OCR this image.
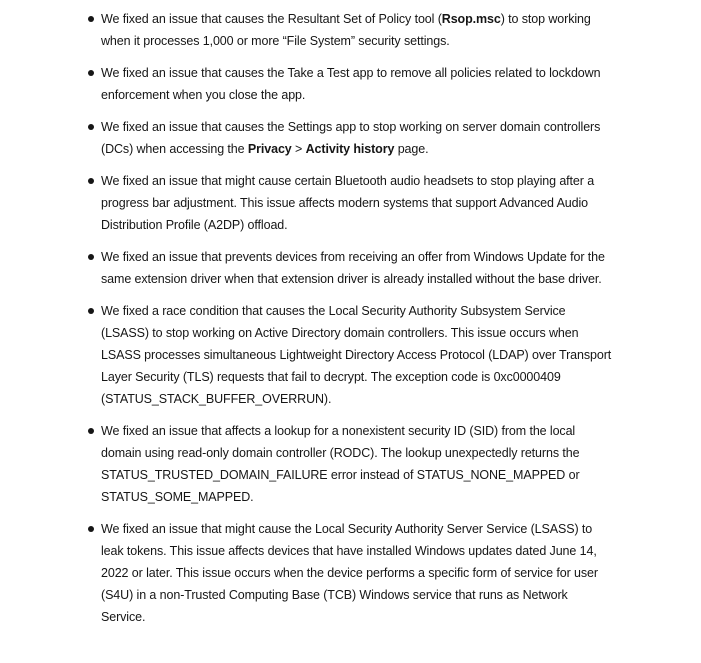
We fixed an issue that causes the Resultant Set of Policy tool (Rsop.msc) to stop working when it processes 1,000 or more “File System” security settings.
We fixed an issue that causes the Take a Test app to remove all policies related to lockdown enforcement when you close the app.
We fixed an issue that causes the Settings app to stop working on server domain controllers (DCs) when accessing the Privacy > Activity history page.
We fixed an issue that might cause certain Bluetooth audio headsets to stop playing after a progress bar adjustment. This issue affects modern systems that support Advanced Audio Distribution Profile (A2DP) offload.
We fixed an issue that prevents devices from receiving an offer from Windows Update for the same extension driver when that extension driver is already installed without the base driver.
We fixed a race condition that causes the Local Security Authority Subsystem Service (LSASS) to stop working on Active Directory domain controllers. This issue occurs when LSASS processes simultaneous Lightweight Directory Access Protocol (LDAP) over Transport Layer Security (TLS) requests that fail to decrypt. The exception code is 0xc0000409 (STATUS_STACK_BUFFER_OVERRUN).
We fixed an issue that affects a lookup for a nonexistent security ID (SID) from the local domain using read-only domain controller (RODC). The lookup unexpectedly returns the STATUS_TRUSTED_DOMAIN_FAILURE error instead of STATUS_NONE_MAPPED or STATUS_SOME_MAPPED.
We fixed an issue that might cause the Local Security Authority Server Service (LSASS) to leak tokens. This issue affects devices that have installed Windows updates dated June 14, 2022 or later. This issue occurs when the device performs a specific form of service for user (S4U) in a non-Trusted Computing Base (TCB) Windows service that runs as Network Service.
